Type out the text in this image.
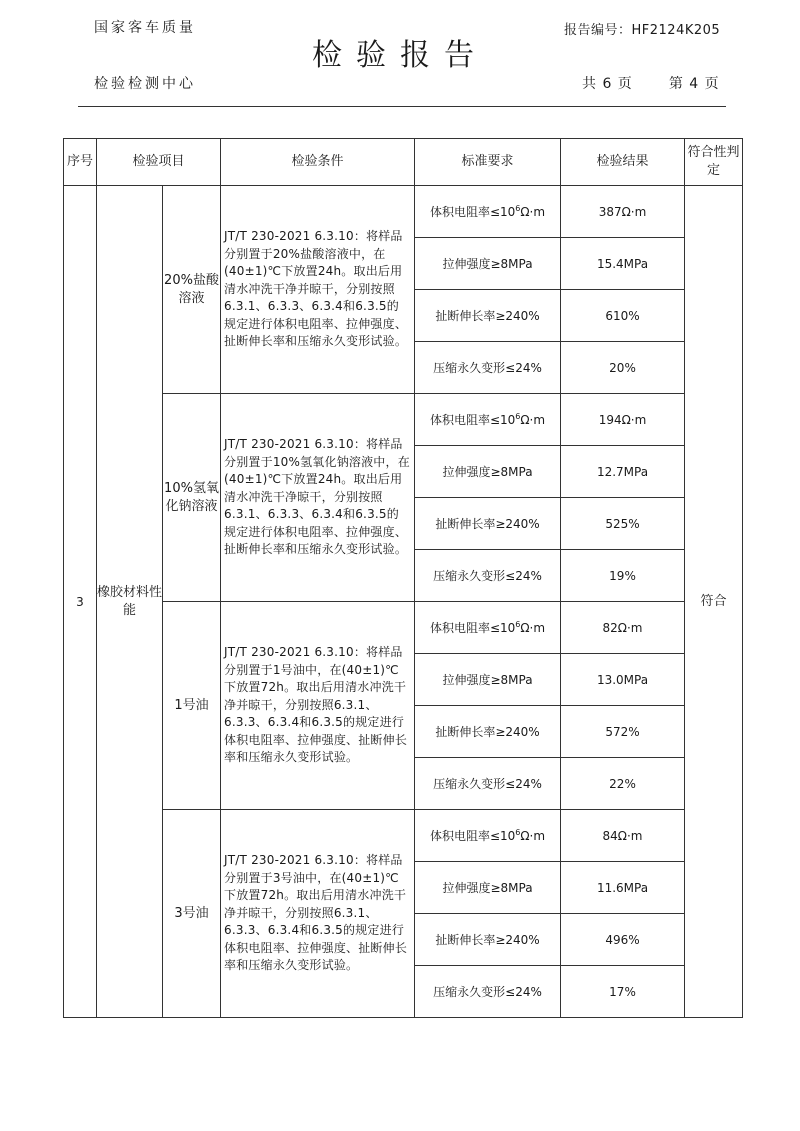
国家客车质量	报告编号：HF2124K205
检验报告
检验检测中心	共 6 页	第 4 页
序号	检验项目		检验条件	标准要求	检验结果	符合性判定
3	橡胶材料性能	20%盐酸溶液	JT/T 230-2021 6.3.10：将样品分别置于20%盐酸溶液中，在(40±1)℃下放置24h。取出后用清水冲洗干净并晾干，分别按照6.3.1、6.3.3、6.3.4和6.3.5的规定进行体积电阻率、拉伸强度、扯断伸长率和压缩永久变形试验。	体积电阻率$\le 10^6\Omega\cdot m$	387Ω·m	符合
				拉伸强度≥8MPa	15.4MPa	
				扯断伸长率≥240%	610%	
				压缩永久变形≤24%	20%	
		10%氢氧化钠溶液	JT/T 230-2021 6.3.10：将样品分别置于10%氢氧化钠溶液中，在(40±1)℃下放置24h。取出后用清水冲洗干净晾干，分别按照6.3.1、6.3.3、6.3.4和6.3.5的规定进行体积电阻率、拉伸强度、扯断伸长率和压缩永久变形试验。	体积电阻率$\le 10^6\Omega\cdot m$	194Ω·m	
				拉伸强度≥8MPa	12.7MPa	
				扯断伸长率≥240%	525%	
				压缩永久变形≤24%	19%	
		1号油	JT/T 230-2021 6.3.10：将样品分别置于1号油中，在(40±1)℃下放置72h。取出后用清水冲洗干净并晾干，分别按照6.3.1、6.3.3、6.3.4和6.3.5的规定进行体积电阻率、拉伸强度、扯断伸长率和压缩永久变形试验。	体积电阻率$\le 10^6\Omega\cdot m$	82Ω·m	
				拉伸强度≥8MPa	13.0MPa	
				扯断伸长率≥240%	572%	
				压缩永久变形≤24%	22%	
		3号油	JT/T 230-2021 6.3.10：将样品分别置于3号油中，在(40±1)℃下放置72h。取出后用清水冲洗干净并晾干，分别按照6.3.1、6.3.3、6.3.4和6.3.5的规定进行体积电阻率、拉伸强度、扯断伸长率和压缩永久变形试验。	体积电阻率$\le 10^6\Omega\cdot m$	84Ω·m	
				拉伸强度≥8MPa	11.6MPa	
				扯断伸长率≥240%	496%	
				压缩永久变形≤24%	17%	
